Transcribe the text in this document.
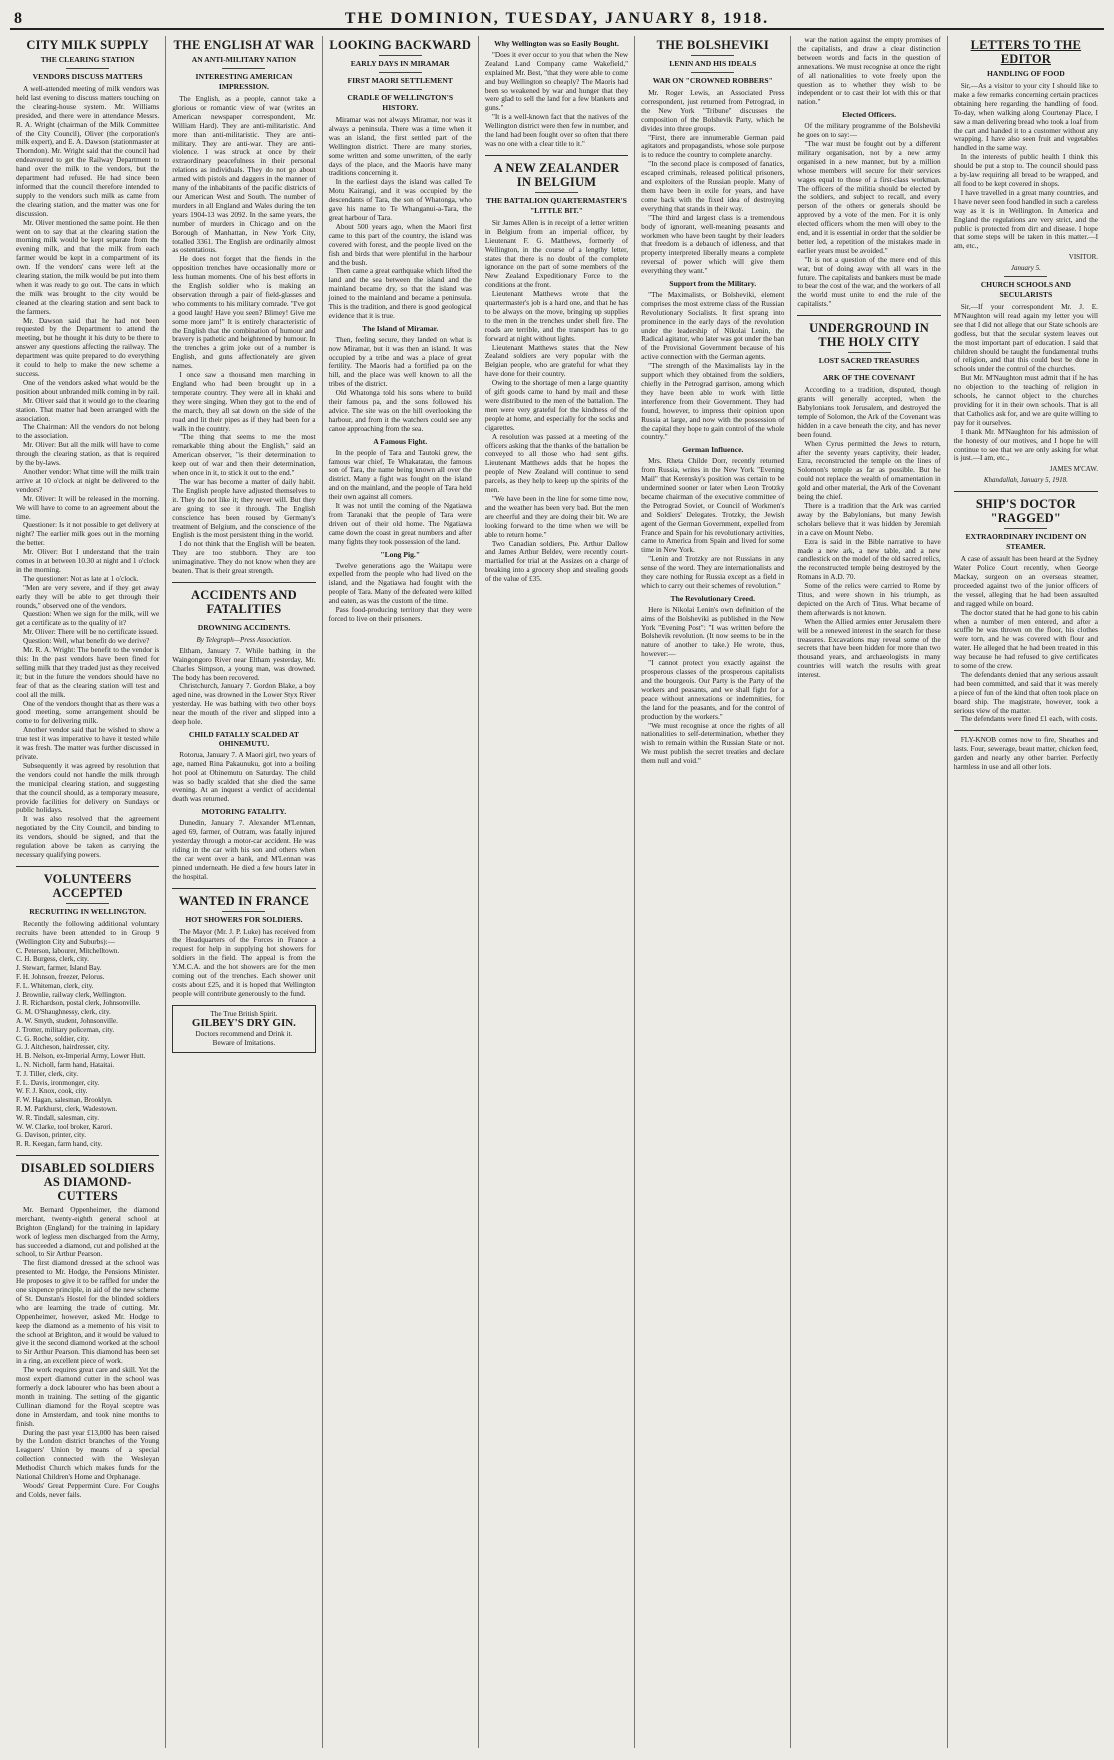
8	THE DOMINION, TUESDAY, JANUARY 8, 1918.
CITY MILK SUPPLY
THE CLEARING STATION
VENDORS DISCUSS MATTERS

A well-attended meeting of milk vendors was held last evening to discuss matters touching on the clearing-house system. Mr. Williams presided, and there were in attendance Messrs. R. A. Wright (chairman of the Milk Committee of the City Council), Oliver (the corporation's milk expert), and E. A. Dawson (stationmaster at Thorndon). Mr. Wright said that the council had endeavoured to get the Railway Department to hand over the milk to the vendors, but the department had refused. He had since been informed that the council therefore intended to supply to the vendors such milk as came from the clearing station, and the matter was one for discussion.

Mr. Oliver mentioned the same point. He then went on to say that at the clearing station the morning milk would be kept separate from the evening milk, and that the milk from each farmer would be kept in a compartment of its own. If the vendors' cans were left at the clearing station, the milk would be put into them when it was ready to go out. The cans in which the milk was brought to the city would be cleaned at the clearing station and sent back to the farmers.

Mr. Dawson said that he had not been requested by the Department to attend the meeting, but he thought it his duty to be there to answer any questions affecting the railway. The department was quite prepared to do everything it could to help to make the new scheme a success.

One of the vendors asked what would be the position about unbranded milk coming in by rail.

Mr. Oliver said that it would go to the clearing station. That matter had been arranged with the association.

The Chairman: All the vendors do not belong to the association.

Mr. Oliver: But all the milk will have to come through the clearing station, as that is required by the by-laws.

Another vendor: What time will the milk train arrive at 10 o'clock at night be delivered to the vendors?

Mr. Oliver: It will be released in the morning. We will have to come to an agreement about the time.

Questioner: Is it not possible to get delivery at night? The earlier milk goes out in the morning the better.

Mr. Oliver: But I understand that the train comes in at between 10.30 at night and 1 o'clock in the morning.

The questioner: Not as late at 1 o'clock.

"Men are very severe, and if they get away early they will be able to get through their rounds," observed one of the vendors.

Question: When we sign for the milk, will we get a certificate as to the quality of it?

Mr. Oliver: There will be no certificate issued.

Question: Well, what benefit do we derive?

Mr. R. A. Wright: The benefit to the vendor is this: In the past vendors have been fined for selling milk that they traded just as they received it; but in the future the vendors should have no fear of that as the clearing station will test and cool all the milk.

One of the vendors thought that as there was a good meeting, some arrangement should be come to for delivering milk.

Another vendor said that he wished to show a true test it was imperative to have it tested while it was fresh. The matter was further discussed in private.

Subsequently it was agreed by resolution that the vendors could not handle the milk through the municipal clearing station, and suggesting that the council should, as a temporary measure, provide facilities for delivery on Sundays or public holidays.

It was also resolved that the agreement negotiated by the City Council, and binding to its vendors, should be signed, and that the regulation above be taken as carrying the necessary qualifying powers.

VOLUNTEERS ACCEPTED
RECRUITING IN WELLINGTON.

Recently the following additional voluntary recruits have been attended to in Group 9 (Wellington City and Suburbs):—

C. Peterson, labourer, Mitchelltown.
C. H. Burgess, clerk, city.
J. Stewart, farmer, Island Bay.
F. H. Johnson, freezer, Pelorus.
F. L. Whiteman, clerk, city.
J. Brownlie, railway clerk, Wellington.
J. R. Richardson, postal clerk, Johnsonville.
G. M. O'Shaughnessy, clerk, city.
A. W. Smyth, student, Johnsonville.
J. Trotter, military policeman, city.
C. G. Roche, soldier, city.
G. J. Aitcheson, hairdresser, city.
H. B. Nelson, ex-Imperial Army, Lower Hutt.
L. N. Nicholl, farm hand, Hataitai.
T. J. Tiller, clerk, city.
F. L. Davis, ironmonger, city.
W. F. J. Knox, cook, city.
F. W. Hagan, salesman, Brooklyn.
R. M. Parkhurst, clerk, Wadestown.
W. R. Tindall, salesman, city.
W. W. Clarke, tool broker, Karori.
G. Davison, printer, city.
R. R. Keegan, farm hand, city.
DISABLED SOLDIERS AS DIAMOND-CUTTERS

Mr. Bernard Oppenheimer, the diamond merchant, twenty-eighth general school at Brighton (England) for the training in lapidary work of legless men discharged from the Army, has succeeded a diamond, cut and polished at the school, to Sir Arthur Pearson.

The first diamond dressed at the school was presented to Mr. Hodge, the Pensions Minister. He proposes to give it to be raffled for under the one sixpence principle, in aid of the new scheme of St. Dunstan's Hostel for the blinded soldiers who are learning the trade of cutting. Mr. Oppenheimer, however, asked Mr. Hodge to keep the diamond as a memento of his visit to the school at Brighton, and it would be valued to give it the second diamond worked at the school to Sir Arthur Pearson. This diamond has been set in a ring, an excellent piece of work.

The work requires great care and skill. Yet the most expert diamond cutter in the school was formerly a dock labourer who has been about a month in training. The setting of the gigantic Cullinan diamond for the Royal sceptre was done in Amsterdam, and took nine months to finish.

During the past year £13,000 has been raised by the London district branches of the Young Leaguers' Union by means of a special collection connected with the Wesleyan Methodist Church which makes funds for the National Children's Home and Orphanage.

Woods' Great Peppermint Cure. For Coughs and Colds, never fails.

THE ENGLISH AT WAR
AN ANTI-MILITARY NATION
INTERESTING AMERICAN IMPRESSION.

The English, as a people, cannot take a glorious or romantic view of war (writes an American newspaper correspondent, Mr. William Hard). They are anti-militaristic. And more than anti-militaristic. They are anti-military. They are anti-war. They are anti-violence. I was struck at once by their extraordinary peacefulness in their personal relations as individuals. They do not go about armed with pistols and daggers in the manner of many of the inhabitants of the pacific districts of our American West and South. The number of murders in all England and Wales during the ten years 1904-13 was 2092. In the same years, the number of murders in Chicago and on the Borough of Manhattan, in New York City, totalled 3361. The English are ordinarily almost as ostentatious.

He does not forget that the fiends in the opposition trenches have occasionally more or less human moments. One of his best efforts in the English soldier who is making an observation through a pair of field-glasses and who comments to his military comrade. "I've got a good laugh! Have you seen? Blimey! Give me some more jam!" It is entirely characteristic of the English that the combination of humour and bravery is pathetic and heightened by humour. In the trenches a grim joke out of a number is English, and guns affectionately are given names.

I once saw a thousand men marching in England who had been brought up in a temperate country. They were all in khaki and they were singing. When they got to the end of the march, they all sat down on the side of the road and lit their pipes as if they had been for a walk in the country.

"The thing that seems to me the most remarkable thing about the English," said an American observer, "is their determination to keep out of war and then their determination, when once in it, to stick it out to the end."

The war has become a matter of daily habit. The English people have adjusted themselves to it. They do not like it; they never will. But they are going to see it through. The English conscience has been roused by Germany's treatment of Belgium, and the conscience of the English is the most persistent thing in the world.

I do not think that the English will be beaten. They are too stubborn. They are too unimaginative. They do not know when they are beaten. That is their great strength.

ACCIDENTS AND FATALITIES
DROWNING ACCIDENTS.
By Telegraph—Press Association.

Eltham, January 7. While bathing in the Waingongoro River near Eltham yesterday, Mr. Charles Simpson, a young man, was drowned. The body has been recovered.

Christchurch, January 7. Gordon Blake, a boy aged nine, was drowned in the Lower Styx River yesterday. He was bathing with two other boys near the mouth of the river and slipped into a deep hole.

CHILD FATALLY SCALDED AT OHINEMUTU.

Rotorua, January 7. A Maori girl, two years of age, named Rina Pakaunuku, got into a boiling hot pool at Ohinemutu on Saturday. The child was so badly scalded that she died the same evening. At an inquest a verdict of accidental death was returned.

MOTORING FATALITY.

Dunedin, January 7. Alexander M'Lennan, aged 69, farmer, of Outram, was fatally injured yesterday through a motor-car accident. He was riding in the car with his son and others when the car went over a bank, and M'Lennan was pinned underneath. He died a few hours later in the hospital.

WANTED IN FRANCE
HOT SHOWERS FOR SOLDIERS.

The Mayor (Mr. J. P. Luke) has received from the Headquarters of the Forces in France a request for help in supplying hot showers for soldiers in the field. The appeal is from the Y.M.C.A. and the hot showers are for the men coming out of the trenches. Each shower unit costs about £25, and it is hoped that Wellington people will contribute generously to the fund.

The True British Spirit.
GILBEY'S DRY GIN.
Doctors recommend and Drink it.
Beware of Imitations.
LOOKING BACKWARD
EARLY DAYS IN MIRAMAR
FIRST MAORI SETTLEMENT
CRADLE OF WELLINGTON'S HISTORY.

Miramar was not always Miramar, nor was it always a peninsula. There was a time when it was an island, the first settled part of the Wellington district. There are many stories, some written and some unwritten, of the early days of the place, and the Maoris have many traditions concerning it.

In the earliest days the island was called Te Motu Kairangi, and it was occupied by the descendants of Tara, the son of Whatonga, who gave his name to Te Whanganui-a-Tara, the great harbour of Tara.

About 500 years ago, when the Maori first came to this part of the country, the island was covered with forest, and the people lived on the fish and birds that were plentiful in the harbour and the bush.

Then came a great earthquake which lifted the land and the sea between the island and the mainland became dry, so that the island was joined to the mainland and became a peninsula. This is the tradition, and there is good geological evidence that it is true.

The Island of Miramar.

Then, feeling secure, they landed on what is now Miramar, but it was then an island. It was occupied by a tribe and was a place of great fertility. The Maoris had a fortified pa on the hill, and the place was well known to all the tribes of the district.

Old Whatonga told his sons where to build their famous pa, and the sons followed his advice. The site was on the hill overlooking the harbour, and from it the watchers could see any canoe approaching from the sea.

A Famous Fight.

In the people of Tara and Tautoki grew, the famous war chief, Te Whakatatau, the famous son of Tara, the name being known all over the district. Many a fight was fought on the island and on the mainland, and the people of Tara held their own against all comers.

It was not until the coming of the Ngatiawa from Taranaki that the people of Tara were driven out of their old home. The Ngatiawa came down the coast in great numbers and after many fights they took possession of the land.

"Long Pig."

Twelve generations ago the Waitapu were expelled from the people who had lived on the island, and the Ngatiawa had fought with the people of Tara. Many of the defeated were killed and eaten, as was the custom of the time.

Pass food-producing territory that they were forced to live on their prisoners.

Why Wellington was so Easily Bought.

"Does it ever occur to you that when the New Zealand Land Company came Wakefield," explained Mr. Best, "that they were able to come and buy Wellington so cheaply? The Maoris had been so weakened by war and hunger that they were glad to sell the land for a few blankets and guns."

"It is a well-known fact that the natives of the Wellington district were then few in number, and the land had been fought over so often that there was no one with a clear title to it."

A NEW ZEALANDER IN BELGIUM
THE BATTALION QUARTERMASTER'S "LITTLE BIT."

Sir James Allen is in receipt of a letter written in Belgium from an imperial officer, by Lieutenant F. G. Matthews, formerly of Wellington, in the course of a lengthy letter, states that there is no doubt of the complete ignorance on the part of some members of the New Zealand Expeditionary Force to the conditions at the front.

Lieutenant Matthews wrote that the quartermaster's job is a hard one, and that he has to be always on the move, bringing up supplies to the men in the trenches under shell fire. The roads are terrible, and the transport has to go forward at night without lights.

Lieutenant Matthews states that the New Zealand soldiers are very popular with the Belgian people, who are grateful for what they have done for their country.

Owing to the shortage of men a large quantity of gift goods came to hand by mail and these were distributed to the men of the battalion. The men were very grateful for the kindness of the people at home, and especially for the socks and cigarettes.

A resolution was passed at a meeting of the officers asking that the thanks of the battalion be conveyed to all those who had sent gifts. Lieutenant Matthews adds that he hopes the people of New Zealand will continue to send parcels, as they help to keep up the spirits of the men.

"We have been in the line for some time now, and the weather has been very bad. But the men are cheerful and they are doing their bit. We are looking forward to the time when we will be able to return home."

Two Canadian soldiers, Pte. Arthur Dallow and James Arthur Beldev, were recently court-martialled for trial at the Assizes on a charge of breaking into a grocery shop and stealing goods of the value of £35.

THE BOLSHEVIKI
LENIN AND HIS IDEALS
WAR ON "CROWNED ROBBERS"

Mr. Roger Lewis, an Associated Press correspondent, just returned from Petrograd, in the New York "Tribune" discusses the composition of the Bolshevik Party, which he divides into three groups.

"First, there are innumerable German paid agitators and propagandists, whose sole purpose is to reduce the country to complete anarchy.

"In the second place is composed of fanatics, escaped criminals, released political prisoners, and exploiters of the Russian people. Many of them have been in exile for years, and have come back with the fixed idea of destroying everything that stands in their way.

"The third and largest class is a tremendous body of ignorant, well-meaning peasants and workmen who have been taught by their leaders that freedom is a debauch of idleness, and that property interpreted liberally means a complete reversal of power which will give them everything they want."

Support from the Military.

"The Maximalists, or Bolsheviki, element comprises the most extreme class of the Russian Revolutionary Socialists. It first sprang into prominence in the early days of the revolution under the leadership of Nikolai Lenin, the Radical agitator, who later was got under the ban of the Provisional Government because of his active connection with the German agents.

"The strength of the Maximalists lay in the support which they obtained from the soldiers, chiefly in the Petrograd garrison, among which they have been able to work with little interference from their Government. They had found, however, to impress their opinion upon Russia at large, and now with the possession of the capital they hope to gain control of the whole country."

German Influence.

Mrs. Rheta Childe Dorr, recently returned from Russia, writes in the New York "Evening Mail" that Kerensky's position was certain to be undermined sooner or later when Leon Trotzky became chairman of the executive committee of the Petrograd Soviet, or Council of Workmen's and Soldiers' Delegates. Trotzky, the Jewish agent of the German Government, expelled from France and Spain for his revolutionary activities, came to America from Spain and lived for some time in New York.

"Lenin and Trotzky are not Russians in any sense of the word. They are internationalists and they care nothing for Russia except as a field in which to carry out their schemes of revolution."

The Revolutionary Creed.

Here is Nikolai Lenin's own definition of the aims of the Bolsheviki as published in the New York "Evening Post": "I was written before the Bolshevik revolution. (It now seems to be in the nature of another to take.) He wrote, thus, however:—

"I cannot protect you exactly against the prosperous classes of the prosperous capitalists and the bourgeois. Our Party is the Party of the workers and peasants, and we shall fight for a peace without annexations or indemnities, for the land for the peasants, and for the control of production by the workers."

"We must recognise at once the rights of all nationalities to self-determination, whether they wish to remain within the Russian State or not. We must publish the secret treaties and declare them null and void."

war the nation against the empty promises of the capitalists, and draw a clear distinction between words and facts in the question of annexations. We must recognise at once the right of all nationalities to vote freely upon the question as to whether they wish to be independent or to cast their lot with this or that nation."

Elected Officers.

Of the military programme of the Bolsheviki he goes on to say:—

"The war must be fought out by a different military organisation, not by a new army organised in a new manner, but by a million whose members will secure for their services wages equal to those of a first-class workman. The officers of the militia should be elected by the soldiers, and subject to recall, and every person of the others or generals should be approved by a vote of the men. For it is only elected officers whom the men will obey to the end, and it is essential in order that the soldier be better led, a repetition of the mistakes made in earlier years must be avoided."

"It is not a question of the mere end of this war, but of doing away with all wars in the future. The capitalists and bankers must be made to bear the cost of the war, and the workers of all the world must unite to end the rule of the capitalists."

UNDERGROUND IN THE HOLY CITY
LOST SACRED TREASURES
ARK OF THE COVENANT

According to a tradition, disputed, though grants will generally accepted, when the Babylonians took Jerusalem, and destroyed the temple of Solomon, the Ark of the Covenant was hidden in a cave beneath the city, and has never been found.

When Cyrus permitted the Jews to return, after the seventy years captivity, their leader, Ezra, reconstructed the temple on the lines of Solomon's temple as far as possible. But he could not replace the wealth of ornamentation in gold and other material, the Ark of the Covenant being the chief.

There is a tradition that the Ark was carried away by the Babylonians, but many Jewish scholars believe that it was hidden by Jeremiah in a cave on Mount Nebo.

Ezra is said in the Bible narrative to have made a new ark, a new table, and a new candlestick on the model of the old sacred relics, the reconstructed temple being destroyed by the Romans in A.D. 70.

Some of the relics were carried to Rome by Titus, and were shown in his triumph, as depicted on the Arch of Titus. What became of them afterwards is not known.

When the Allied armies enter Jerusalem there will be a renewed interest in the search for these treasures. Excavations may reveal some of the secrets that have been hidden for more than two thousand years, and archaeologists in many countries will watch the results with great interest.

LETTERS TO THE EDITOR
HANDLING OF FOOD

Sir,—As a visitor to your city I should like to make a few remarks concerning certain practices obtaining here regarding the handling of food. To-day, when walking along Courtenay Place, I saw a man delivering bread who took a loaf from the cart and handed it to a customer without any wrapping. I have also seen fruit and vegetables handled in the same way.

In the interests of public health I think this should be put a stop to. The council should pass a by-law requiring all bread to be wrapped, and all food to be kept covered in shops.

I have travelled in a great many countries, and I have never seen food handled in such a careless way as it is in Wellington. In America and England the regulations are very strict, and the public is protected from dirt and disease. I hope that some steps will be taken in this matter.—I am, etc.,

VISITOR.
January 5.
CHURCH SCHOOLS AND SECULARISTS

Sir,—If your correspondent Mr. J. E. M'Naughton will read again my letter you will see that I did not allege that our State schools are godless, but that the secular system leaves out the most important part of education. I said that children should be taught the fundamental truths of religion, and that this could best be done in schools under the control of the churches.

But Mr. M'Naughton must admit that if he has no objection to the teaching of religion in schools, he cannot object to the churches providing for it in their own schools. That is all that Catholics ask for, and we are quite willing to pay for it ourselves.

I thank Mr. M'Naughton for his admission of the honesty of our motives, and I hope he will continue to see that we are only asking for what is just.—I am, etc.,

JAMES M'CAW.
Khandallah, January 5, 1918.
SHIP'S DOCTOR "RAGGED"
EXTRAORDINARY INCIDENT ON STEAMER.

A case of assault has been heard at the Sydney Water Police Court recently, when George Mackay, surgeon on an overseas steamer, proceeded against two of the junior officers of the vessel, alleging that he had been assaulted and ragged while on board.

The doctor stated that he had gone to his cabin when a number of men entered, and after a scuffle he was thrown on the floor, his clothes were torn, and he was covered with flour and water. He alleged that he had been treated in this way because he had refused to give certificates to some of the crew.

The defendants denied that any serious assault had been committed, and said that it was merely a piece of fun of the kind that often took place on board ship. The magistrate, however, took a serious view of the matter.

The defendants were fined £1 each, with costs.

FLY-KNOB comes now to fire, Sheathes and lasts. Four, sewerage, beaut matter, chicken feed, garden and nearly any other barrier. Perfectly harmless in use and all other lots.
